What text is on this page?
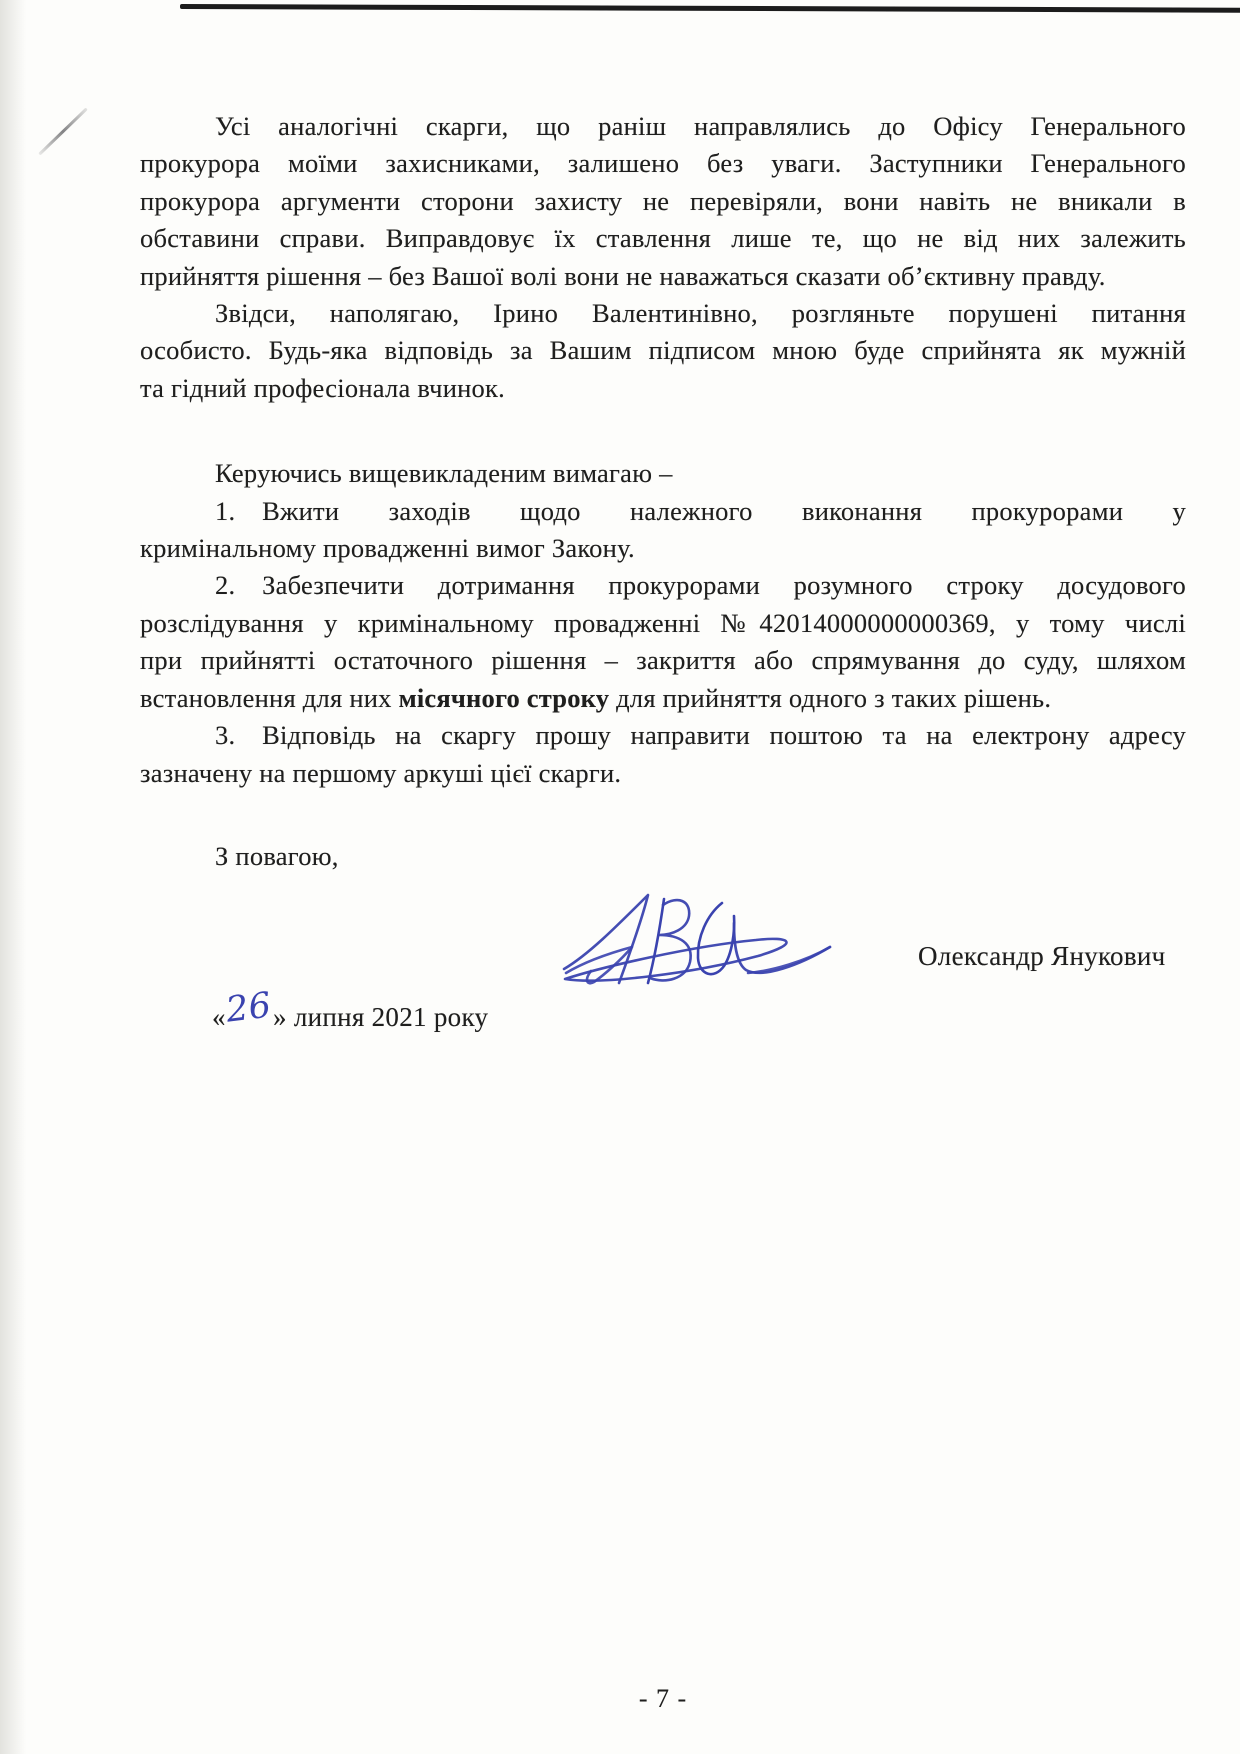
Усі аналогічні скарги, що раніш направлялись до Офісу Генерального
прокурора моїми захисниками, залишено без уваги. Заступники Генерального
прокурора аргументи сторони захисту не перевіряли, вони навіть не вникали в
обставини справи. Виправдовує їх ставлення лише те, що не від них залежить
прийняття рішення – без Вашої волі вони не наважаться сказати об’єктивну правду.
Звідси, наполягаю, Ірино Валентинівно, розгляньте порушені питання
особисто. Будь-яка відповідь за Вашим підписом мною буде сприйнята як мужній
та гідний професіонала вчинок.
Керуючись вищевикладеним вимагаю –
1. Вжити заходів щодо належного виконання прокурорами у
кримінальному провадженні вимог Закону.
2. Забезпечити дотримання прокурорами розумного строку досудового
розслідування у кримінальному провадженні №42014000000000369, у тому числі
при прийнятті остаточного рішення – закриття або спрямування до суду, шляхом
встановлення для них місячного строку для прийняття одного з таких рішень.
3. Відповідь на скаргу прошу направити поштою та на електрону адресу
зазначену на першому аркуші цієї скарги.
З повагою,
Олександр Янукович
«
26 » липня 2021 року
- 7 -
